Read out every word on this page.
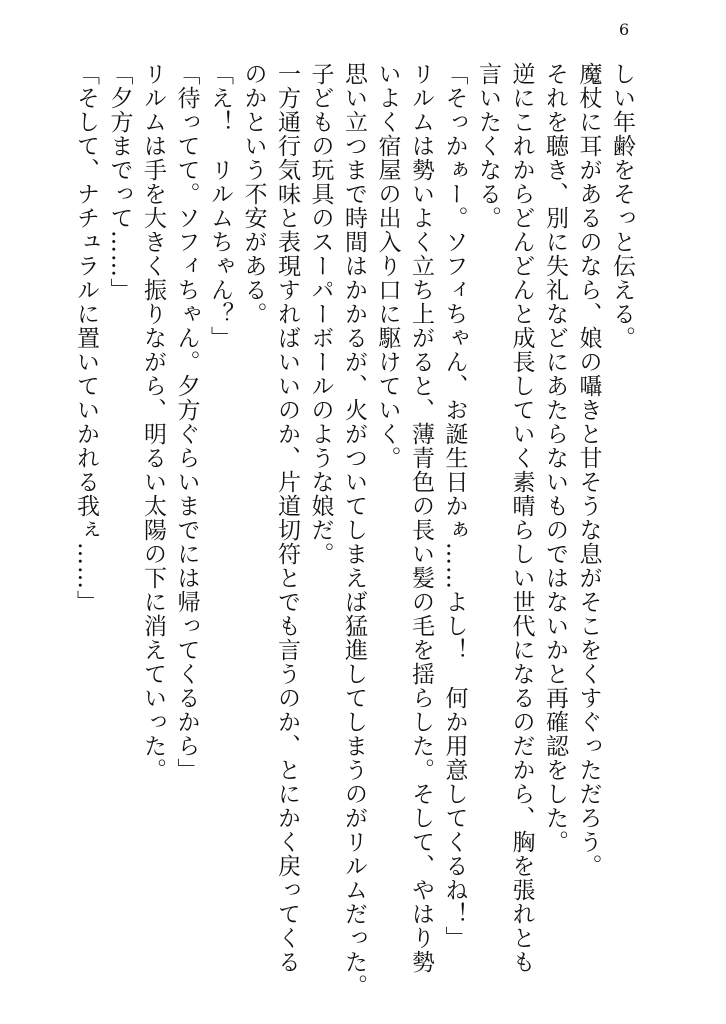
6
しい年齢をそっと伝える。
魔杖に耳があるのなら、娘の囁きと甘そうな息がそこをくすぐっただろう。
それを聴き、別に失礼などにあたらないものではないかと再確認をした。
逆にこれからどんどんと成長していく素晴らしい世代になるのだから、胸を張れとも
言いたくなる。
「そっかぁー。ソフィちゃん、お誕生日かぁ……よし！　何か用意してくるね！」
リルムは勢いよく立ち上がると、薄青色の長い髪の毛を揺らした。そして、やはり勢
いよく宿屋の出入り口に駆けていく。
思い立つまで時間はかかるが、火がついてしまえば猛進してしまうのがリルムだった。
子どもの玩具のスーパーボールのような娘だ。
一方通行気味と表現すればいいのか、片道切符とでも言うのか、とにかく戻ってくる
のかという不安がある。
「え！　リルムちゃん？」
「待ってて。ソフィちゃん。夕方ぐらいまでには帰ってくるから」
リルムは手を大きく振りながら、明るい太陽の下に消えていった。
「夕方までって……」
「そして、ナチュラルに置いていかれる我ぇ……」
